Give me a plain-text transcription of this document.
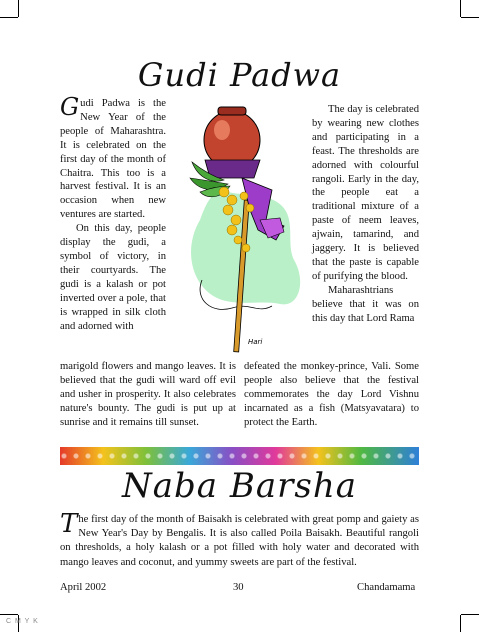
Gudi Padwa

Gudi Padwa is the New Year of the people of Maharashtra. It is celebrated on the first day of the month of Chaitra. This too is a harvest festival. It is an occasion when new ventures are started.

On this day, people display the gudi, a symbol of victory, in their courtyards. The gudi is a kalash or pot inverted over a pole, that is wrapped in silk cloth and adorned with

The day is celebrated by wearing new clothes and participating in a feast. The thresholds are adorned with colourful rangoli. Early in the day, the people eat a traditional mixture of a paste of neem leaves, ajwain, tamarind, and jaggery. It is believed that the paste is capable of purifying the blood.

Maharashtrians believe that it was on this day that Lord Rama

Hari
marigold flowers and mango leaves. It is believed that the gudi will ward off evil and usher in prosperity. It also celebrates nature's bounty. The gudi is put up at sunrise and it remains till sunset.
defeated the monkey-prince, Vali. Some people also believe that the festival commemorates the day Lord Vishnu incarnated as a fish (Matsyavatara) to protect the Earth.
Naba Barsha
The first day of the month of Baisakh is celebrated with great pomp and gaiety as New Year's Day by Bengalis. It is also called Poila Baisakh. Beautiful rangoli on thresholds, a holy kalash or a pot filled with holy water and decorated with mango leaves and coconut, and yummy sweets are part of the festival.
April 2002	30	Chandamama
C M Y K
